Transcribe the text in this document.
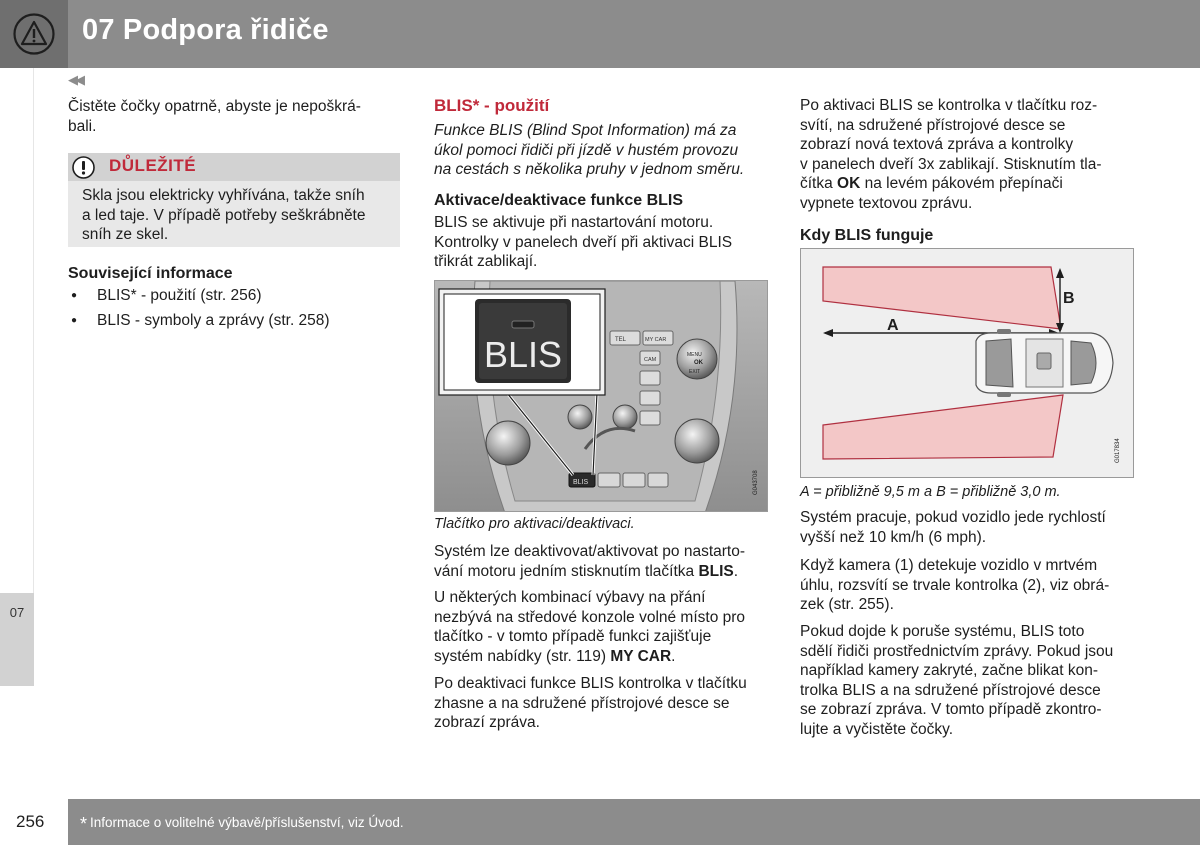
07 Podpora řidiče
◀◀
07
Čistěte čočky opatrně, abyste je nepoškrá-
bali.
DŮLEŽITÉ
Skla jsou elektricky vyhřívána, takže sníh
a led taje. V případě potřeby seškrábněte
sníh ze skel.
Související informace
● BLIS* - použití (str. 256)
● BLIS - symboly a zprávy (str. 258)
BLIS* - použití
Funkce BLIS (Blind Spot Information) má za
úkol pomoci řidiči při jízdě v hustém provozu
na cestách s několika pruhy v jednom směru.
Aktivace/deaktivace funkce BLIS
BLIS se aktivuje při nastartování motoru.
Kontrolky v panelech dveří při aktivaci BLIS
třikrát zablikají.
TEL	MY CAR
CAM
MENU
EXIT
OK
BLIS
BLIS
G043708
Tlačítko pro aktivaci/deaktivaci.
Systém lze deaktivovat/aktivovat po nastarto-
vání motoru jedním stisknutím tlačítka BLIS.
U některých kombinací výbavy na přání
nezbývá na středové konzole volné místo pro
tlačítko - v tomto případě funkci zajišťuje
systém nabídky (str. 119) MY CAR.
Po deaktivaci funkce BLIS kontrolka v tlačítku
zhasne a na sdružené přístrojové desce se
zobrazí zpráva.
Po aktivaci BLIS se kontrolka v tlačítku roz-
svítí, na sdružené přístrojové desce se
zobrazí nová textová zpráva a kontrolky
v panelech dveří 3x zablikají. Stisknutím tla-
čítka OK na levém pákovém přepínači
vypnete textovou zprávu.
Kdy BLIS funguje
A
B
G017834
A = přibližně 9,5 m a B = přibližně 3,0 m.
Systém pracuje, pokud vozidlo jede rychlostí
vyšší než 10 km/h (6 mph).
Když kamera (1) detekuje vozidlo v mrtvém
úhlu, rozsvítí se trvale kontrolka (2), viz obrá-
zek (str. 255).
Pokud dojde k poruše systému, BLIS toto
sdělí řidiči prostřednictvím zprávy. Pokud jsou
například kamery zakryté, začne blikat kon-
trolka BLIS a na sdružené přístrojové desce
se zobrazí zpráva. V tomto případě zkontro-
lujte a vyčistěte čočky.
256 * Informace o volitelné výbavě/příslušenství, viz Úvod.
